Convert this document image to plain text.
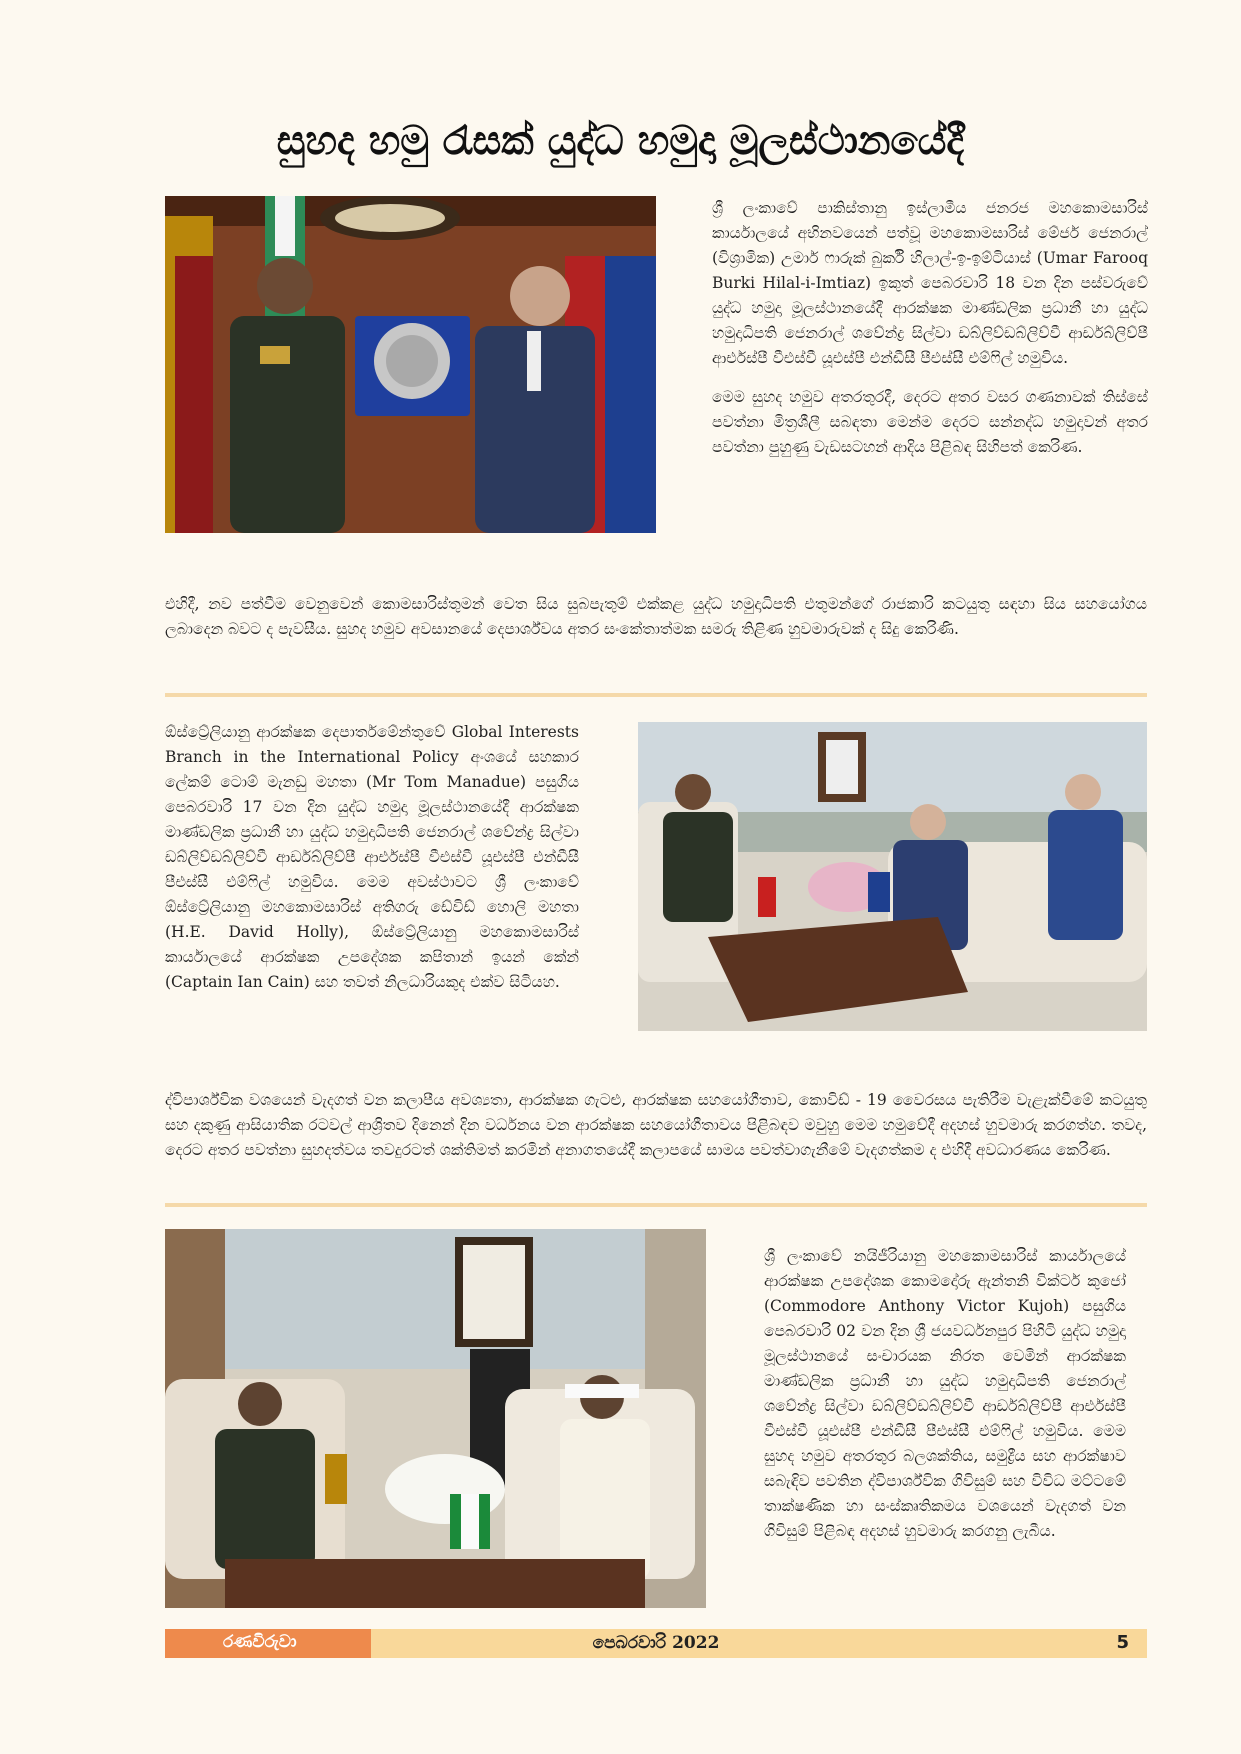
සුහද හමු රැසක් යුද්ධ හමුදා මූලස්ථානයේදී

ශ්‍රී ලංකාවේ පාකිස්තානු ඉස්ලාමීය ජනරජ මහකොමසාරිස් කාර්යාලයේ අභිනවයෙන් පත්වූ මහකොමසාරිස් මේජර් ජෙනරාල් (විශ්‍රාමික) උමාර් ෆාරුක් බුර්කි හිලාල්-ඉ-ඉම්ටියාස් (Umar Farooq Burki Hilal-i-Imtiaz) ඉකුත් පෙබරවාරි 18 වන දින පස්වරුවේ යුද්ධ හමුදා මූලස්ථානයේදී ආරක්ෂක මාණ්ඩලික ප්‍රධානී හා යුද්ධ හමුදාධිපති ජෙනරාල් ශවේන්ද්‍ර සිල්වා ඩබ්ලිව්ඩබ්ලිව්වී ආර්ඩබ්ලිව්පී ආර්එස්පී වීඑස්වී යූඑස්පී එන්ඩීසී පීඑස්සී එම්ෆිල් හමුවිය.

මෙම සුහද හමුව අතරතුරදී, දෙරට අතර වසර ගණනාවක් තිස්සේ පවත්නා මිත්‍රශීලී සබඳතා මෙන්ම දෙරට සන්නද්ධ හමුදාවන් අතර පවත්නා පුහුණු වැඩසටහන් ආදිය පිළිබඳ සිහිපත් කෙරිණ.

එහිදී, නව පත්වීම වෙනුවෙන් කොමසාරිස්තුමන් වෙත සිය සුබපැතුම් එක්කළ යුද්ධ හමුදාධිපති එතුමන්ගේ රාජකාරි කටයුතු සඳහා සිය සහයෝගය ලබාදෙන බවට ද පැවසීය. සුහද හමුව අවසානයේ දෙපාර්ශ්වය අතර සංකේතාත්මක සමරු තිළිණ හුවමාරුවක් ද සිදු කෙරිණි.

ඕස්ට්‍රේලියානු ආරක්ෂක දෙපාර්තමේන්තුවේ Global Interests Branch in the International Policy අංශයේ සහකාර ලේකම් ටොම් මැනඩු මහතා (Mr Tom Manadue) පසුගිය පෙබරවාරි 17 වන දින යුද්ධ හමුදා මූලස්ථානයේදී ආරක්ෂක මාණ්ඩලික ප්‍රධානී හා යුද්ධ හමුදාධිපති ජෙනරාල් ශවේන්ද්‍ර සිල්වා ඩබ්ලිව්ඩබ්ලිව්වී ආර්ඩබ්ලිව්පී ආර්එස්පී වීඑස්වී යූඑස්පී එන්ඩීසී පීඑස්සී එම්ෆිල් හමුවිය. මෙම අවස්ථාවට ශ්‍රී ලංකාවේ ඕස්ට්‍රේලියානු මහකොමසාරිස් අතිගරු ඩේවිඩ් හොලි මහතා (H.E. David Holly), ඕස්ට්‍රේලියානු මහකොමසාරිස් කාර්යාලයේ ආරක්ෂක උපදේශක කපිතාන් ඉයන් කේන් (Captain Ian Cain) සහ තවත් නිලධාරියකුද එක්ව සිටියහ.

ද්විපාර්ශ්වික වශයෙන් වැදගත් වන කලාපීය අවශ්‍යතා, ආරක්ෂක ගැටළු, ආරක්ෂක සහයෝගීතාව, කොවිඩ් - 19 වෛරසය පැතිරීම වැළැක්වීමේ කටයුතු සහ දකුණු ආසියාතික රටවල් ආශ්‍රිතව දිනෙන් දින වර්ධනය වන ආරක්ෂක සහයෝගීතාවය පිළිබඳව මවුහු මෙම හමුවේදී අදහස් හුවමාරු කරගත්හ. තවද, දෙරට අතර පවත්නා සුහදත්වය තවදුරටත් ශක්තිමත් කරමින් අනාගතයේදී කලාපයේ සාමය පවත්වාගැනීමේ වැදගත්කම ද එහිදී අවධාරණය කෙරිණ.

ශ්‍රී ලංකාවේ නයිජීරියානු මහකොමසාරිස් කාර්යාලයේ ආරක්ෂක උපදේශක කොමදෝරු ඇන්තනි වික්ටර් කුජෝ (Commodore Anthony Victor Kujoh) පසුගිය පෙබරවාරි 02 වන දින ශ්‍රී ජයවර්ධනපුර පිහිටි යුද්ධ හමුදා මූලස්ථානයේ සංචාරයක නිරත වෙමින් ආරක්ෂක මාණ්ඩලික ප්‍රධානී හා යුද්ධ හමුදාධිපති ජෙනරාල් ශවේන්ද්‍ර සිල්වා ඩබ්ලිව්ඩබ්ලිව්වී ආර්ඩබ්ලිව්පී ආර්එස්පී වීඑස්වී යූඑස්පී එන්ඩීසී පීඑස්සී එම්ෆිල් හමුවිය. මෙම සුහද හමුව අතරතුර බලශක්තිය, සමුද්‍රීය සහ ආරක්ෂාව සබැඳිව පවතින ද්විපාර්ශ්වික ගිවිසුම් සහ විවිධ මට්ටමේ තාක්ෂණික හා සංස්කෘතිකමය වශයෙන් වැදගත් වන ගිවිසුම් පිළිබඳ අදහස් හුවමාරු කරගනු ලැබීය.

රණවිරුවා	පෙබරවාරි 2022	5
